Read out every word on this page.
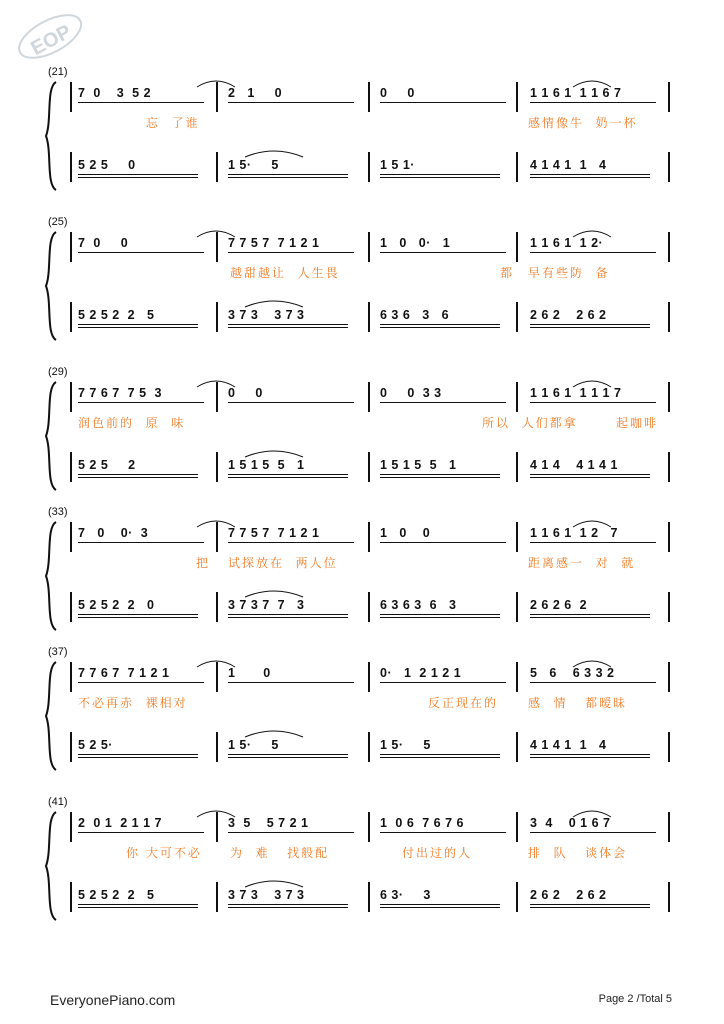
EOP
(21)
7  0    3  5 2
忘  了谁
5 2 5     0
2   1     0
1 5·     5
0     0
1 5 1·
1 1 6 1  1 1 6 7
感情像牛  奶一杯
4 1 4 1  1   4
(25)
7  0     0
5 2 5 2  2   5
7 7 5 7  7 1 2 1
越甜越让  人生畏
3 7 3    3 7 3
1   0   0·   1
都
6 3 6   3   6
1 1 6 1  1 2·
早有些防  备
2 6 2    2 6 2
(29)
7 7 6 7  7 5  3
润色前的  原  味
5 2 5     2
0     0
1 5 1 5  5   1
0     0  3 3
所以  人们都拿
1 5 1 5  5   1
1 1 6 1  1 1 1 7
起咖啡
4 1 4    4 1 4 1
(33)
7   0    0·  3
把
5 2 5 2  2   0
7 7 5 7  7 1 2 1
试探放在  两人位
3 7 3 7  7   3
1   0    0
6 3 6 3  6   3
1 1 6 1  1 2   7
距离感一  对  就
2 6 2 6  2
(37)
7 7 6 7  7 1 2 1
不必再赤  裸相对
5 2 5·
1       0
1 5·     5
0·   1  2 1 2 1
反正现在的
1 5·     5
5   6    6 3 3 2
感  情   都暧昧
4 1 4 1  1   4
(41)
2  0 1  2 1 1 7
你 大可不必
5 2 5 2  2   5
3  5    5 7 2 1
为  难   找般配
3 7 3    3 7 3
1  0 6  7 6 7 6
付出过的人
6 3·     3
3  4    0 1 6 7
排  队   谈体会
2 6 2    2 6 2
EveryonePiano.com	Page 2 /Total 5
